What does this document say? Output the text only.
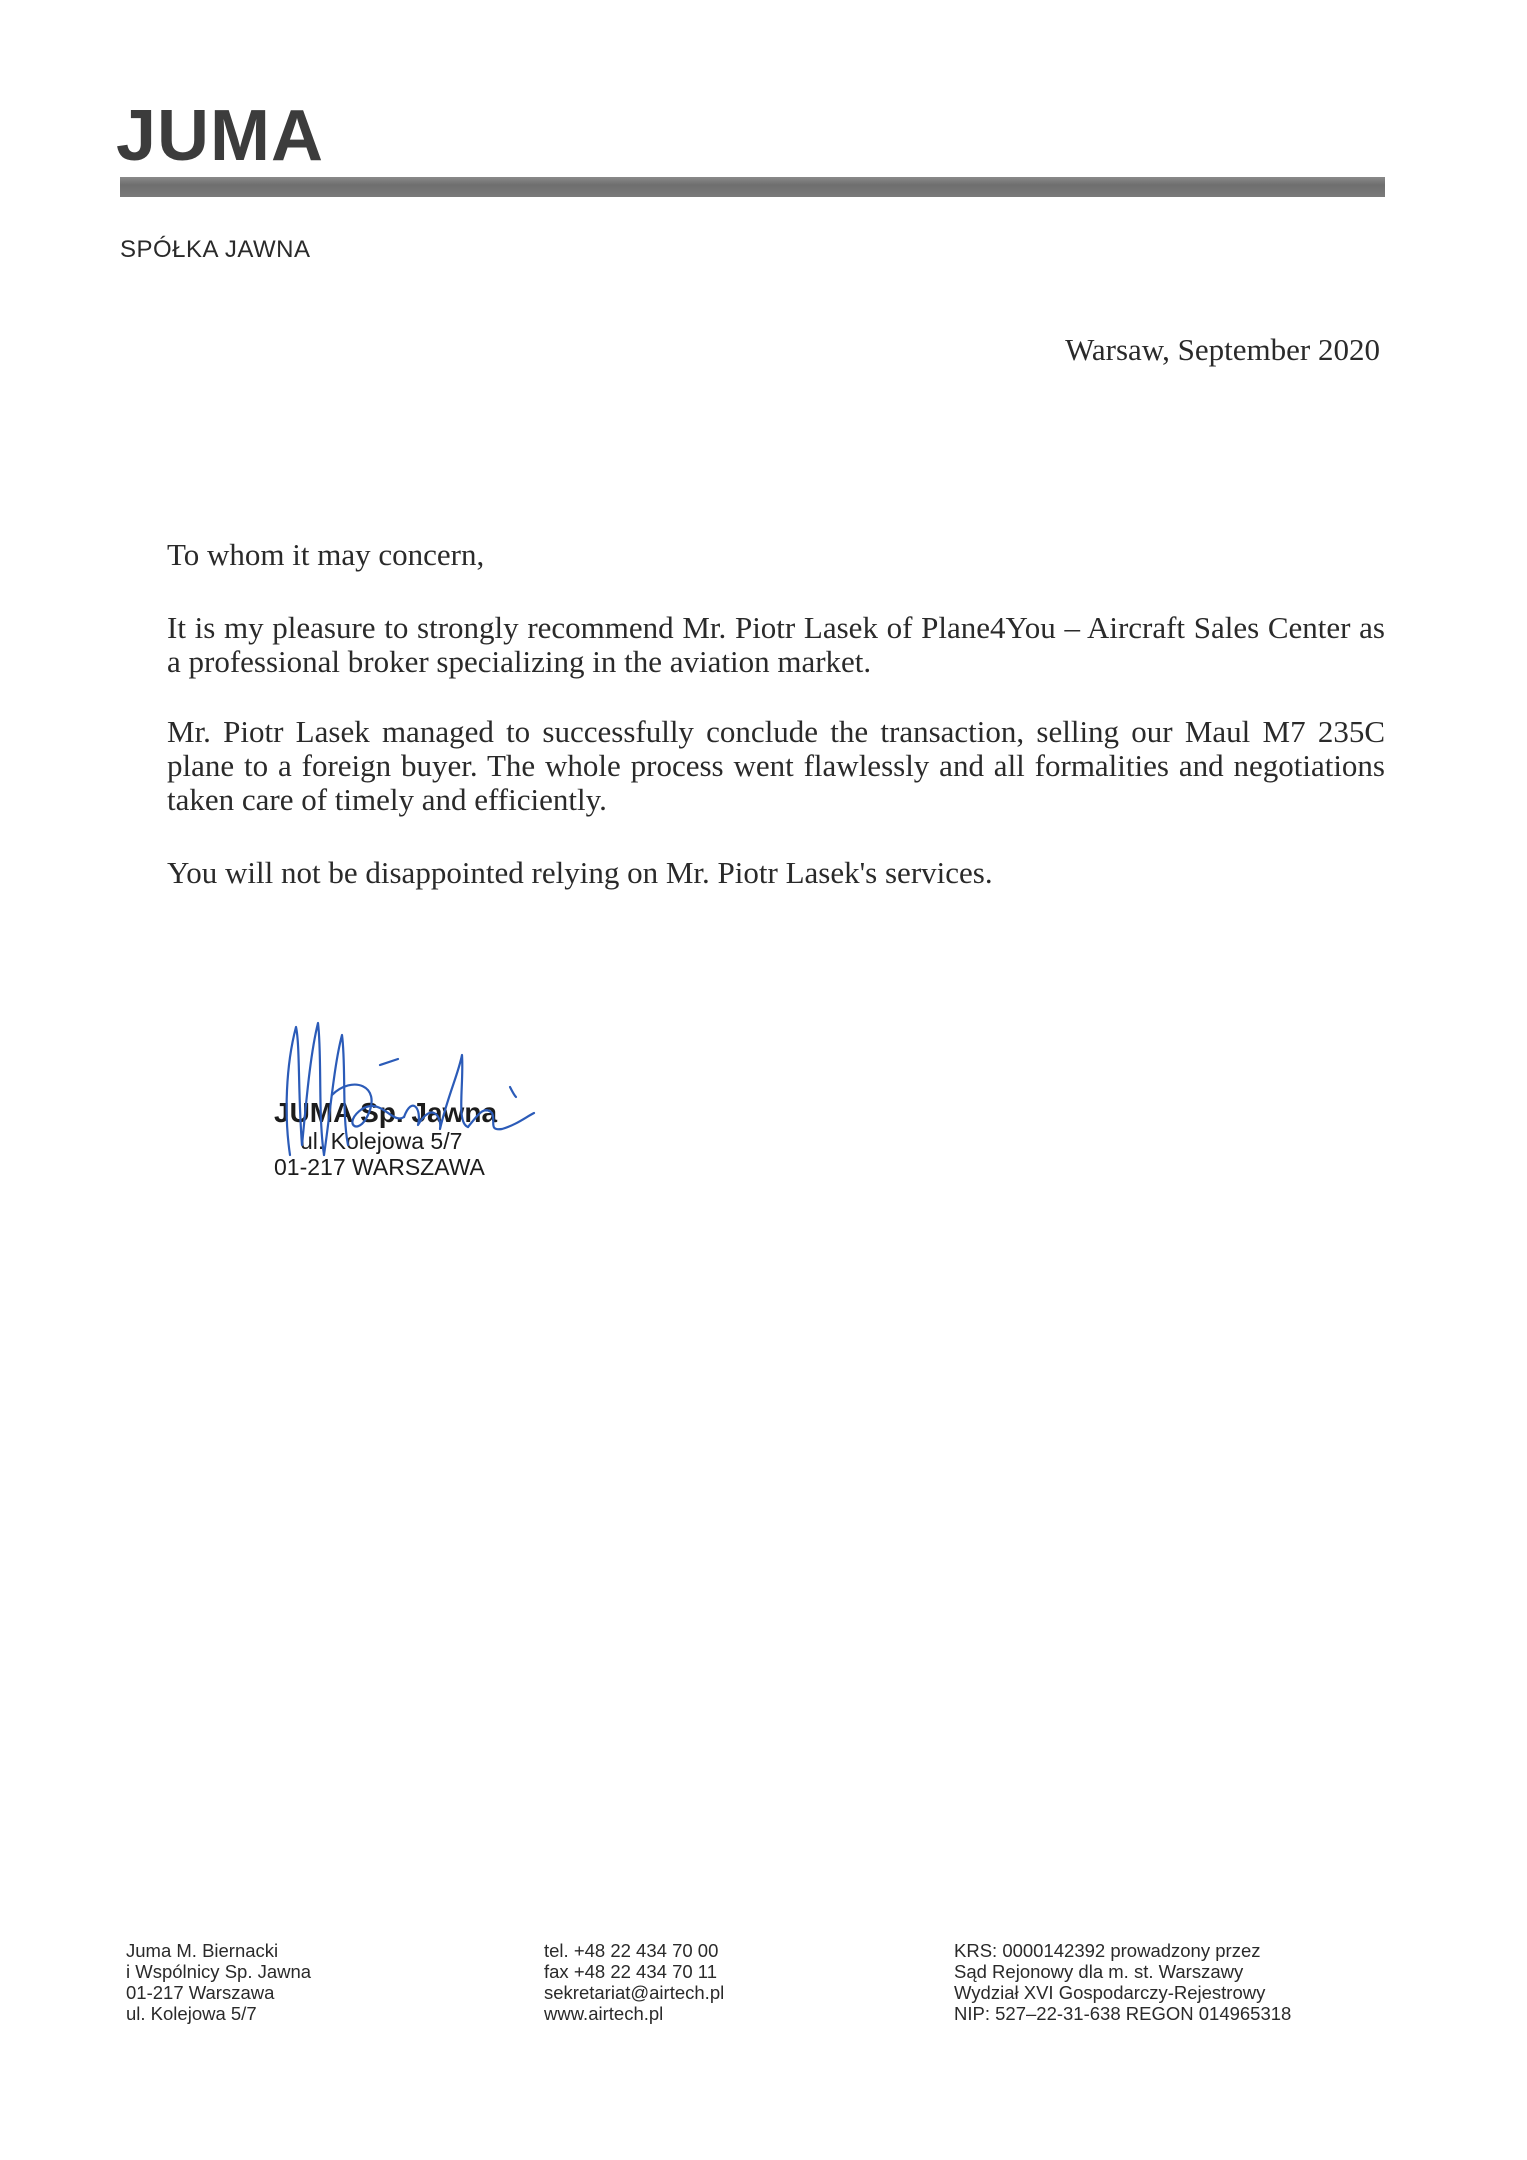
JUMA
SPÓŁKA JAWNA
Warsaw, September 2020

To whom it may concern,

It is my pleasure to strongly recommend Mr. Piotr Lasek of Plane4You – Aircraft Sales Center as a professional broker specializing in the aviation market.

Mr. Piotr Lasek managed to successfully conclude the transaction, selling our Maul M7 235C plane to a foreign buyer. The whole process went flawlessly and all formalities and negotiations taken care of timely and efficiently.

You will not be disappointed relying on Mr. Piotr Lasek's services.

JUMA Sp. Jawna
ul. Kolejowa 5/7
01-217 WARSZAWA
Juma M. Biernacki
i Wspólnicy Sp. Jawna
01-217 Warszawa
ul. Kolejowa 5/7
tel. +48 22 434 70 00
fax +48 22 434 70 11
sekretariat@airtech.pl
www.airtech.pl
KRS: 0000142392 prowadzony przez
Sąd Rejonowy dla m. st. Warszawy
Wydział XVI Gospodarczy-Rejestrowy
NIP: 527–22-31-638 REGON 014965318
